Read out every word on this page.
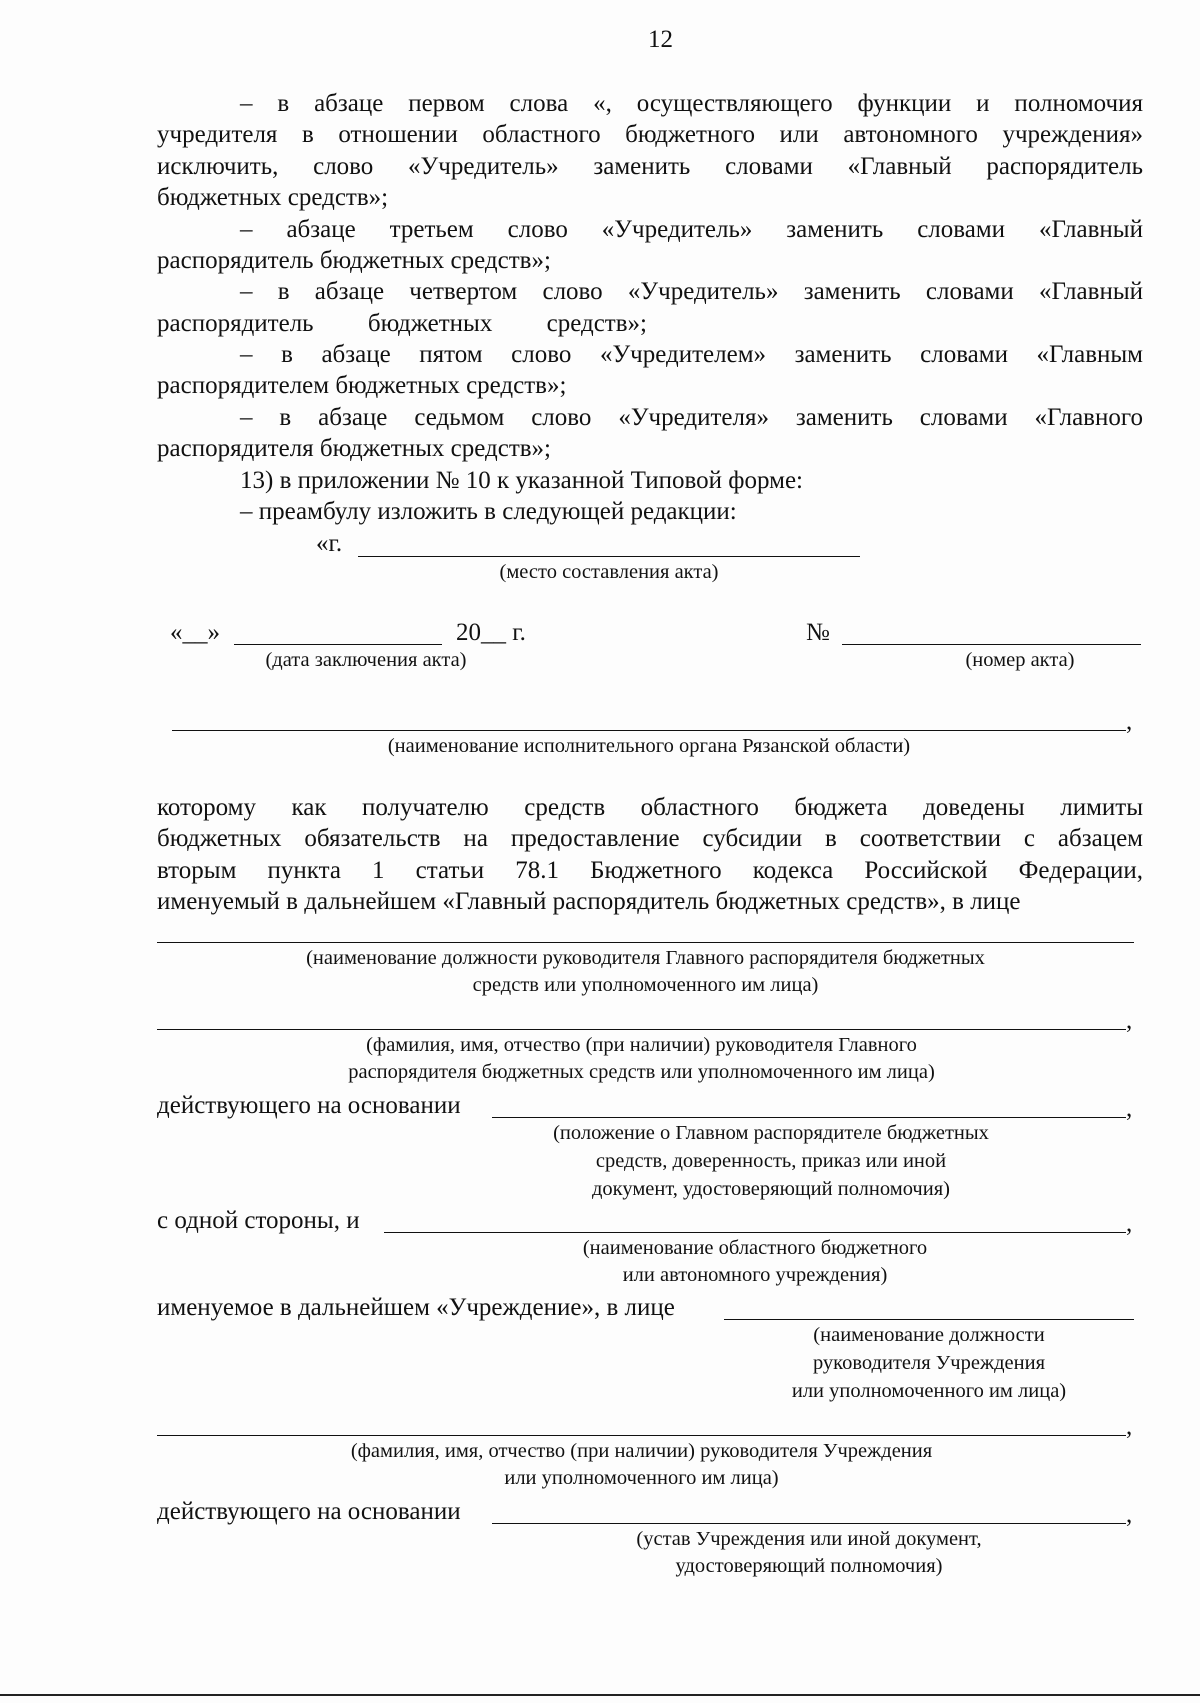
12
– в абзаце первом слова «, осуществляющего функции и полномочия
учредителя в отношении областного бюджетного или автономного учреждения»
исключить, слово «Учредитель» заменить словами «Главный распорядитель
бюджетных средств»;
– абзаце третьем слово «Учредитель» заменить словами «Главный
распорядитель бюджетных средств»;
– в абзаце четвертом слово «Учредитель» заменить словами «Главный
распорядитель бюджетных средств»;
– в абзаце пятом слово «Учредителем» заменить словами «Главным
распорядителем бюджетных средств»;
– в абзаце седьмом слово «Учредителя» заменить словами «Главного
распорядителя бюджетных средств»;
13) в приложении № 10 к указанной Типовой форме:
– преамбулу изложить в следующей редакции:
«г.
(место составления акта)
«__»	20__ г.
(дата заключения акта)
№
(номер акта)
,
(наименование исполнительного органа Рязанской области)
которому как получателю средств областного бюджета доведены лимиты
бюджетных обязательств на предоставление субсидии в соответствии с абзацем
вторым пункта 1 статьи 78.1 Бюджетного кодекса Российской Федерации,
именуемый в дальнейшем «Главный распорядитель бюджетных средств», в лице
(наименование должности руководителя Главного распорядителя бюджетных
средств или уполномоченного им лица)
,
(фамилия, имя, отчество (при наличии) руководителя Главного
распорядителя бюджетных средств или уполномоченного им лица)
действующего на основании	,
(положение о Главном распорядителе бюджетных
средств, доверенность, приказ или иной
документ, удостоверяющий полномочия)
с одной стороны, и	,
(наименование областного бюджетного
или автономного учреждения)
именуемое в дальнейшем «Учреждение», в лице
(наименование должности
руководителя Учреждения
или уполномоченного им лица)
,
(фамилия, имя, отчество (при наличии) руководителя Учреждения
или уполномоченного им лица)
действующего на основании	,
(устав Учреждения или иной документ,
удостоверяющий полномочия)
